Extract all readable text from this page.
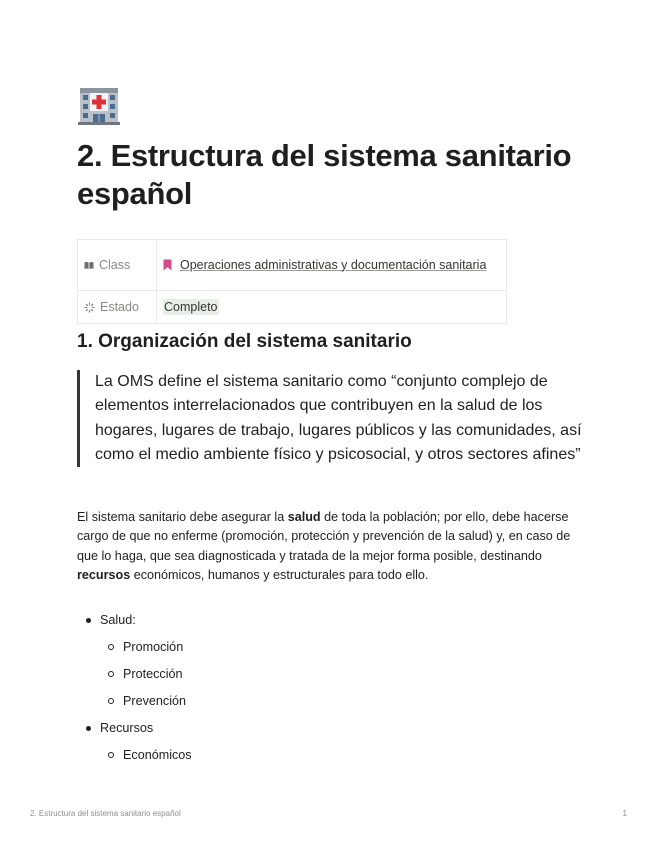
2. Estructura del sistema sanitario español
Class	Operaciones administrativas y documentación sanitaria
Estado	Completo
1. Organización del sistema sanitario
La OMS define el sistema sanitario como “conjunto complejo de elementos interrelacionados que contribuyen en la salud de los hogares, lugares de trabajo, lugares públicos y las comunidades, así como el medio ambiente físico y psicosocial, y otros sectores afines”

El sistema sanitario debe asegurar la salud de toda la población; por ello, debe hacerse cargo de que no enferme (promoción, protección y prevención de la salud) y, en caso de que lo haga, que sea diagnosticada y tratada de la mejor forma posible, destinando recursos económicos, humanos y estructurales para todo ello.

Salud:
Promoción
Protección
Prevención
Recursos
Económicos
2. Estructura del sistema sanitario español	1
